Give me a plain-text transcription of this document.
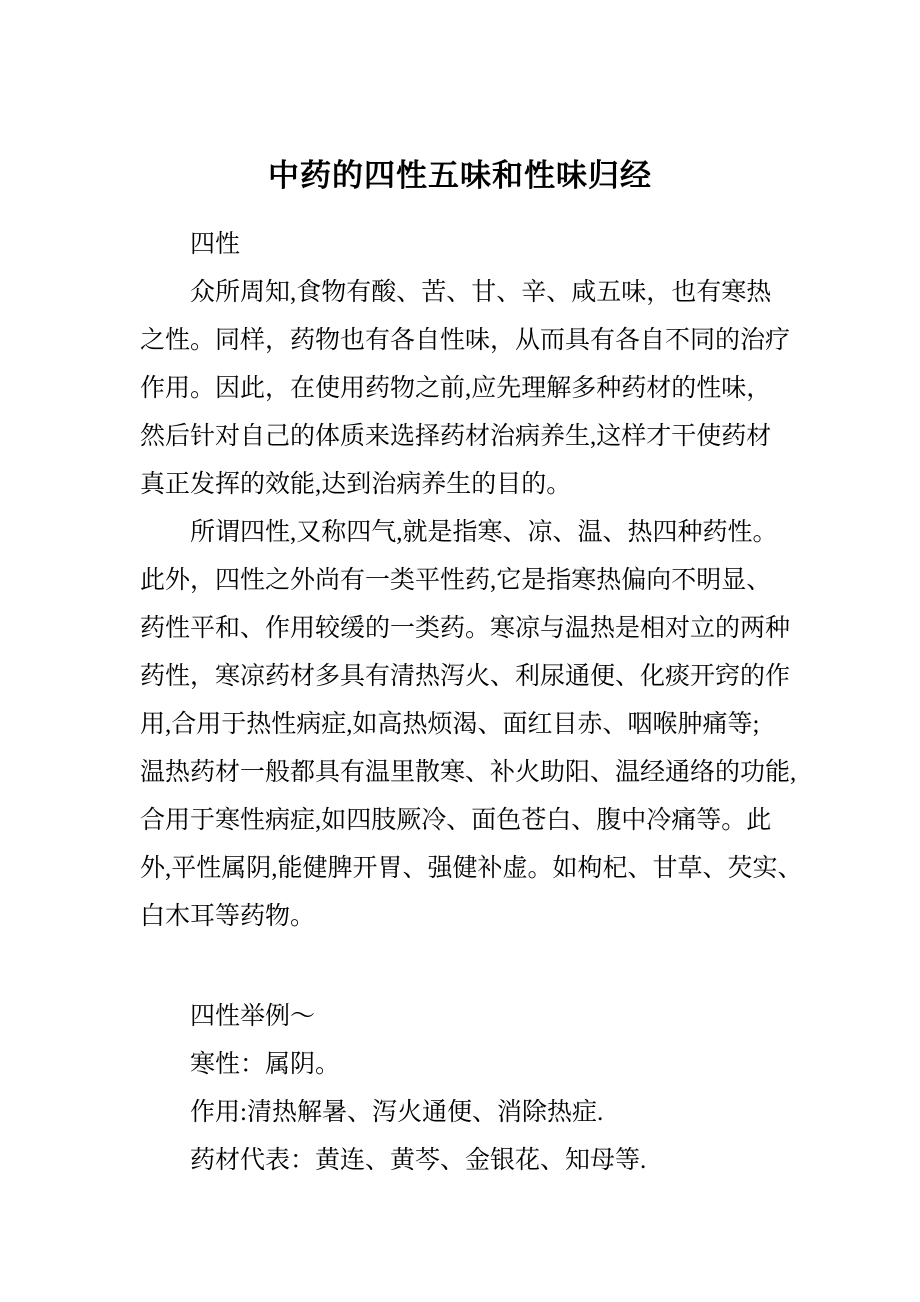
中药的四性五味和性味归经
四性
众所周知,食物有酸、苦、甘、辛、咸五味，也有寒热
之性。同样，药物也有各自性味，从而具有各自不同的治疗
作用。因此，在使用药物之前,应先理解多种药材的性味，
然后针对自己的体质来选择药材治病养生,这样才干使药材
真正发挥的效能,达到治病养生的目的。
所谓四性,又称四气,就是指寒、凉、温、热四种药性。
此外，四性之外尚有一类平性药,它是指寒热偏向不明显、
药性平和、作用较缓的一类药。寒凉与温热是相对立的两种
药性，寒凉药材多具有清热泻火、利尿通便、化痰开窍的作
用,合用于热性病症,如高热烦渴、面红目赤、咽喉肿痛等;
温热药材一般都具有温里散寒、补火助阳、温经通络的功能,
合用于寒性病症,如四肢厥冷、面色苍白、腹中冷痛等。此
外,平性属阴,能健脾开胃、强健补虚。如枸杞、甘草、芡实、
白木耳等药物。
四性举例～
寒性：属阴。
作用:清热解暑、泻火通便、消除热症.
药材代表：黄连、黄芩、金银花、知母等.
